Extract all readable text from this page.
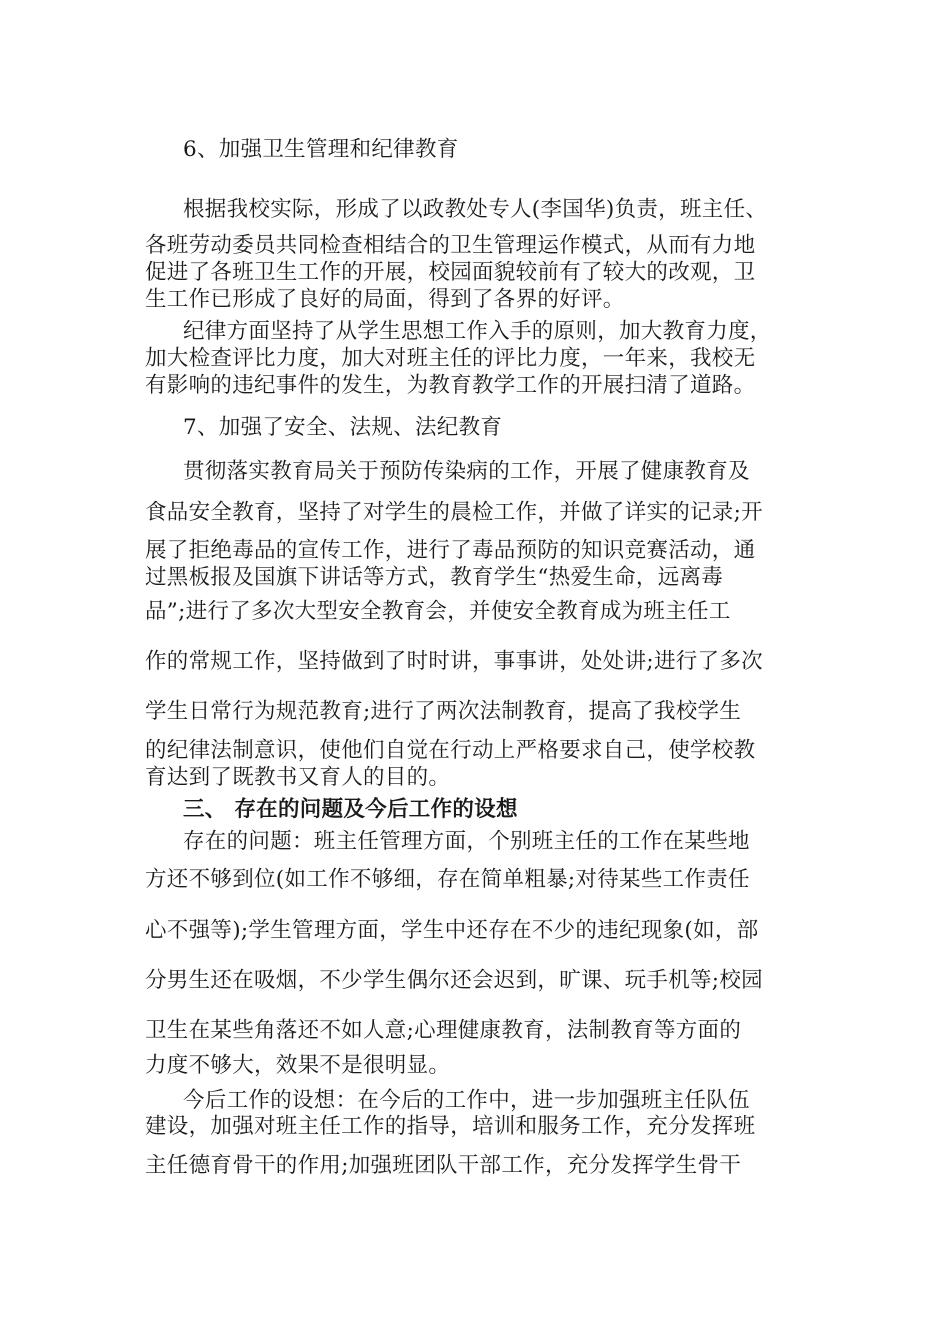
6、加强卫生管理和纪律教育
根据我校实际，形成了以政教处专人(李国华)负责，班主任、
各班劳动委员共同检查相结合的卫生管理运作模式，从而有力地
促进了各班卫生工作的开展，校园面貌较前有了较大的改观，卫
生工作已形成了良好的局面，得到了各界的好评。
纪律方面坚持了从学生思想工作入手的原则，加大教育力度，
加大检查评比力度，加大对班主任的评比力度，一年来，我校无
有影响的违纪事件的发生，为教育教学工作的开展扫清了道路。
7、加强了安全、法规、法纪教育
贯彻落实教育局关于预防传染病的工作，开展了健康教育及
食品安全教育，坚持了对学生的晨检工作，并做了详实的记录;开
展了拒绝毒品的宣传工作，进行了毒品预防的知识竞赛活动，通
过黑板报及国旗下讲话等方式，教育学生“热爱生命，远离毒
品”;进行了多次大型安全教育会，并使安全教育成为班主任工
作的常规工作，坚持做到了时时讲，事事讲，处处讲;进行了多次
学生日常行为规范教育;进行了两次法制教育，提高了我校学生
的纪律法制意识，使他们自觉在行动上严格要求自己，使学校教
育达到了既教书又育人的目的。
三、 存在的问题及今后工作的设想
存在的问题：班主任管理方面，个别班主任的工作在某些地
方还不够到位(如工作不够细，存在简单粗暴;对待某些工作责任
心不强等);学生管理方面，学生中还存在不少的违纪现象(如，部
分男生还在吸烟，不少学生偶尔还会迟到，旷课、玩手机等;校园
卫生在某些角落还不如人意;心理健康教育，法制教育等方面的
力度不够大，效果不是很明显。
今后工作的设想：在今后的工作中，进一步加强班主任队伍
建设，加强对班主任工作的指导，培训和服务工作，充分发挥班
主任德育骨干的作用;加强班团队干部工作，充分发挥学生骨干
